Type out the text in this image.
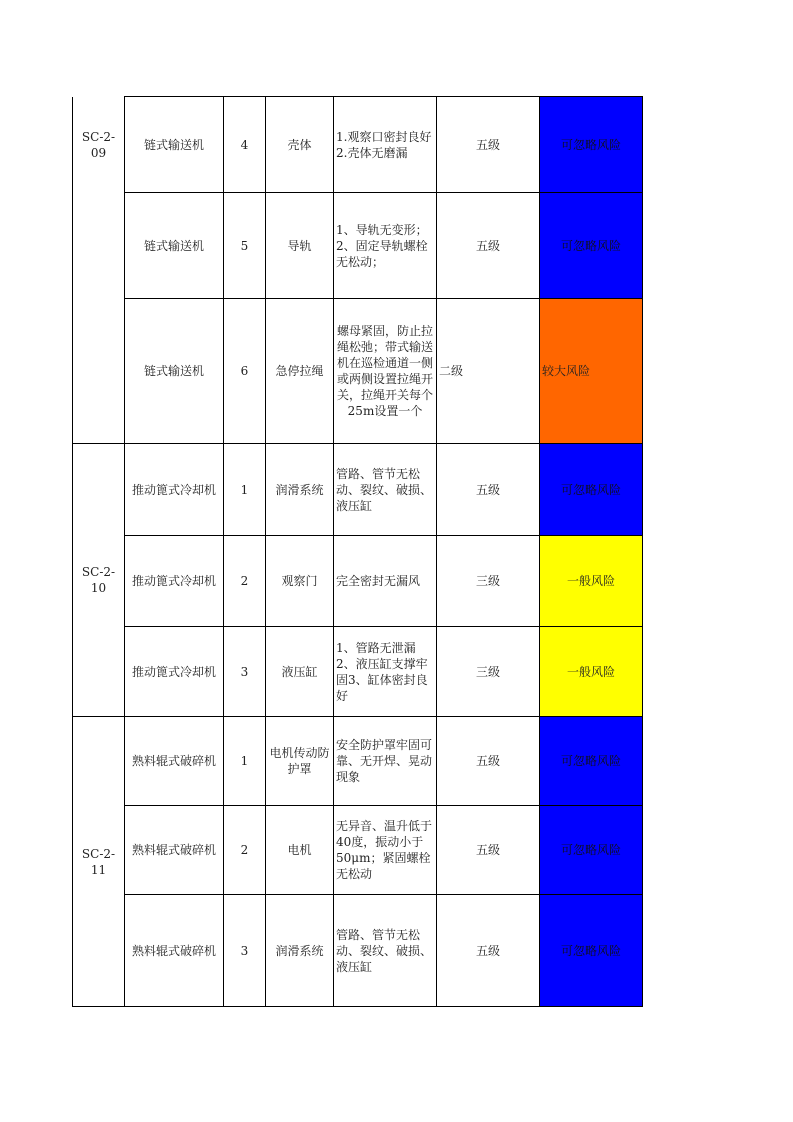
SC-2-09	链式输送机	4	壳体	1.观察口密封良好2.壳体无磨漏	五级	可忽略风险
	链式输送机	5	导轨	1、导轨无变形；2、固定导轨螺栓无松动；	五级	可忽略风险
	链式输送机	6	急停拉绳	螺母紧固，防止拉绳松弛；带式输送机在巡检通道一侧或两侧设置拉绳开关，拉绳开关每个25m设置一个	二级	较大风险
SC-2-10	推动篦式冷却机	1	润滑系统	管路、管节无松动、裂纹、破损、液压缸	五级	可忽略风险
	推动篦式冷却机	2	观察门	完全密封无漏风	三级	一般风险
	推动篦式冷却机	3	液压缸	1、管路无泄漏2、液压缸支撑牢固3、缸体密封良好	三级	一般风险
SC-2-11	熟料辊式破碎机	1	电机传动防护罩	安全防护罩牢固可靠、无开焊、晃动现象	五级	可忽略风险
	熟料辊式破碎机	2	电机	无异音、温升低于40度，振动小于50μm；紧固螺栓无松动	五级	可忽略风险
	熟料辊式破碎机	3	润滑系统	管路、管节无松动、裂纹、破损、液压缸	五级	可忽略风险
